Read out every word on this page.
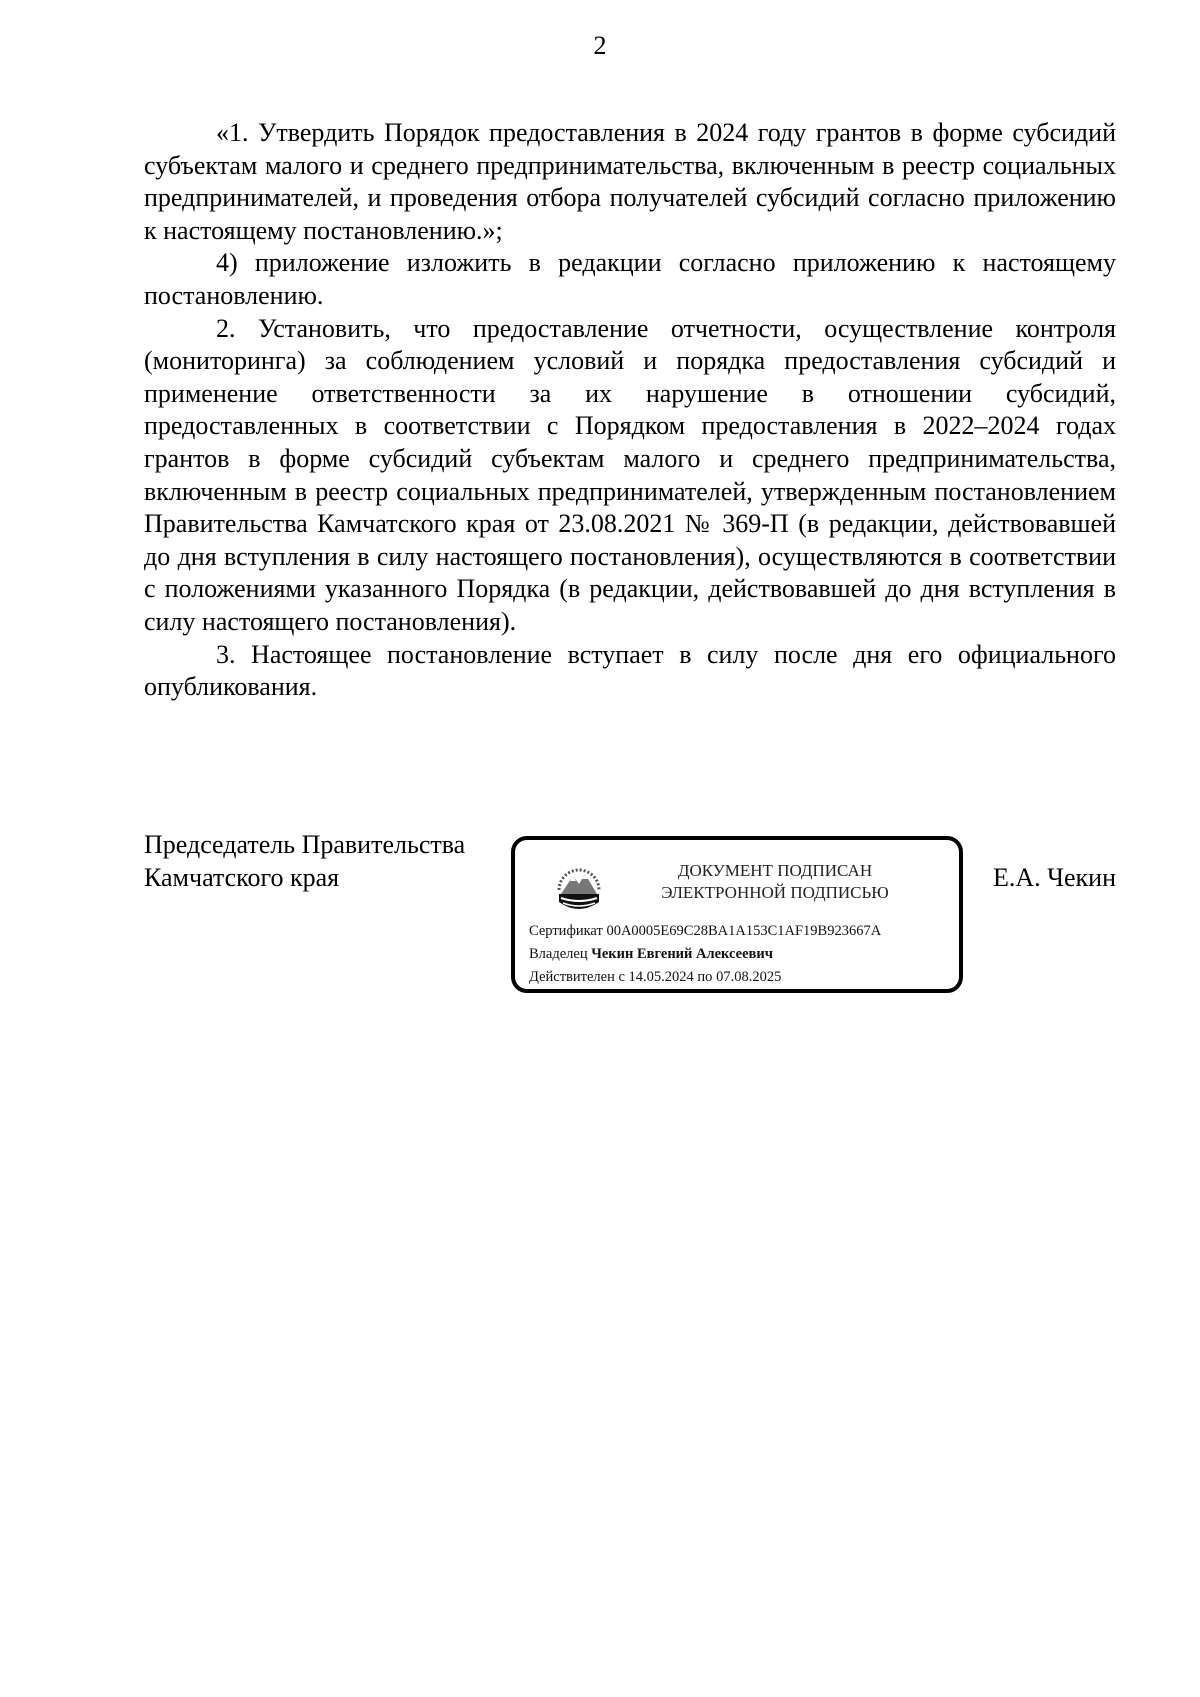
2

«1. Утвердить Порядок предоставления в 2024 году грантов в форме субсидий субъектам малого и среднего предпринимательства, включенным в реестр социальных предпринимателей, и проведения отбора получателей субсидий согласно приложению к настоящему постановлению.»;

4) приложение изложить в редакции согласно приложению к настоящему постановлению.

2. Установить, что предоставление отчетности, осуществление контроля (мониторинга) за соблюдением условий и порядка предоставления субсидий и применение ответственности за их нарушение в отношении субсидий, предоставленных в соответствии с Порядком предоставления в 2022–2024 годах грантов в форме субсидий субъектам малого и среднего предпринимательства, включенным в реестр социальных предпринимателей, утвержденным постановлением Правительства Камчатского края от 23.08.2021 № 369-П (в редакции, действовавшей до дня вступления в силу настоящего постановления), осуществляются в соответствии с положениями указанного Порядка (в редакции, действовавшей до дня вступления в силу настоящего постановления).

3. Настоящее постановление вступает в силу после дня его официального опубликования.

Председатель Правительства
Камчатского края	ДОКУМЕНТ ПОДПИСАН
ЭЛЕКТРОННОЙ ПОДПИСЬЮ
Сертификат 00A0005E69C28BA1A153C1AF19B923667A
Владелец Чекин Евгений Алексеевич
Действителен с 14.05.2024 по 07.08.2025
Е.А. Чекин
